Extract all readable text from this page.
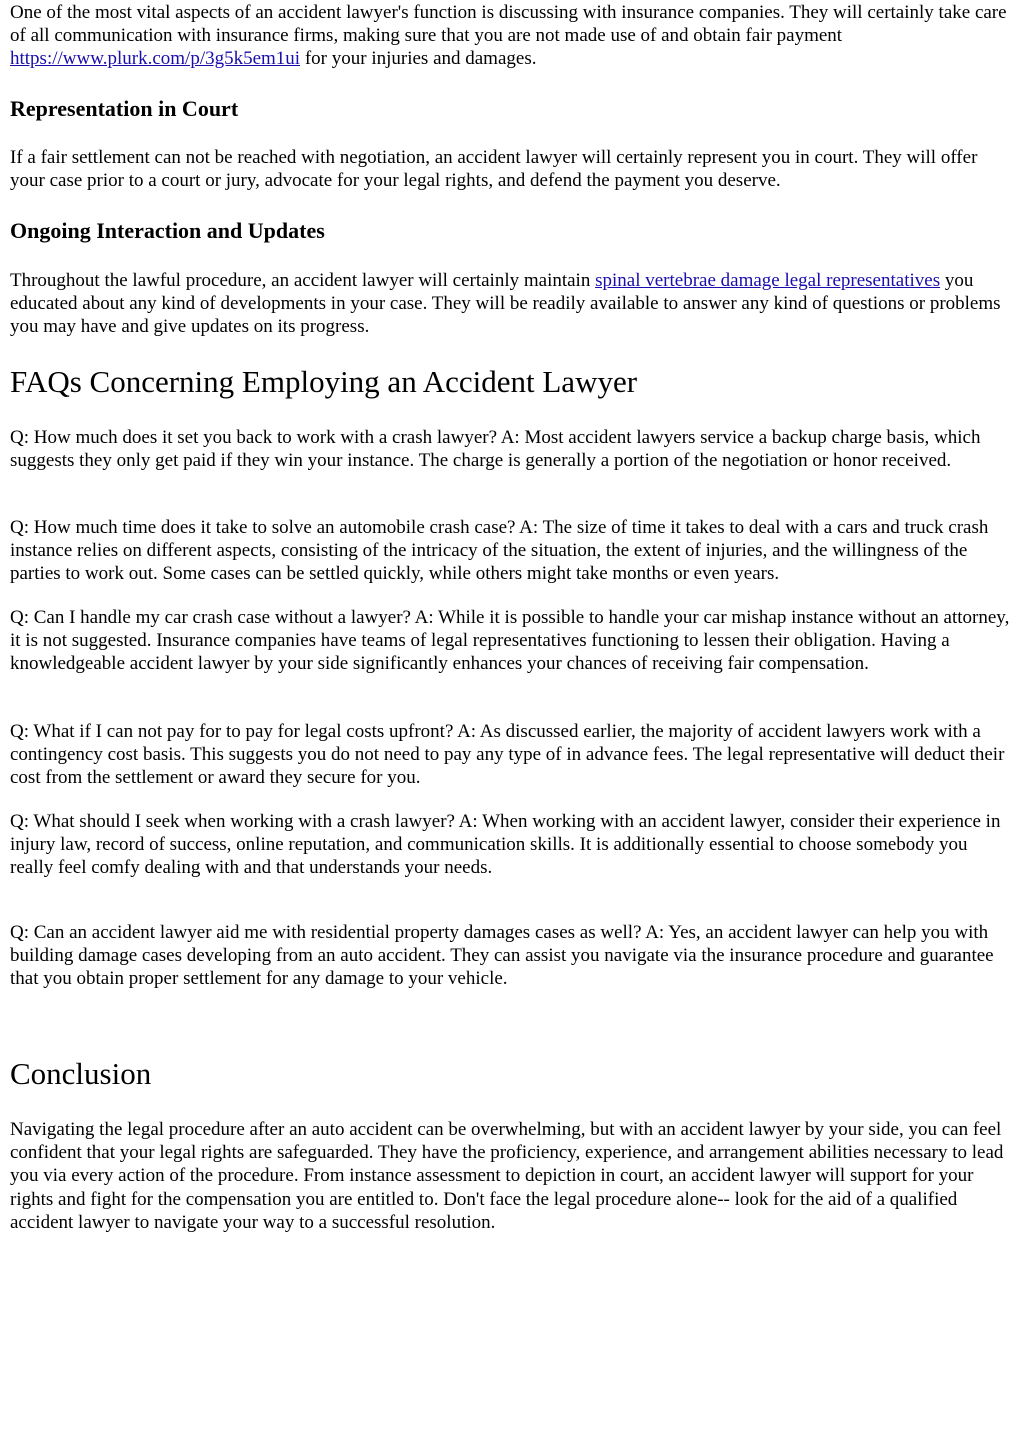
One of the most vital aspects of an accident lawyer's function is discussing with insurance companies. They will certainly take care of all communication with insurance firms, making sure that you are not made use of and obtain fair payment https://www.plurk.com/p/3g5k5em1ui for your injuries and damages.

Representation in Court

If a fair settlement can not be reached with negotiation, an accident lawyer will certainly represent you in court. They will offer your case prior to a court or jury, advocate for your legal rights, and defend the payment you deserve.

Ongoing Interaction and Updates

Throughout the lawful procedure, an accident lawyer will certainly maintain spinal vertebrae damage legal representatives you educated about any kind of developments in your case. They will be readily available to answer any kind of questions or problems you may have and give updates on its progress.

FAQs Concerning Employing an Accident Lawyer

Q: How much does it set you back to work with a crash lawyer? A: Most accident lawyers service a backup charge basis, which suggests they only get paid if they win your instance. The charge is generally a portion of the negotiation or honor received.

Q: How much time does it take to solve an automobile crash case? A: The size of time it takes to deal with a cars and truck crash instance relies on different aspects, consisting of the intricacy of the situation, the extent of injuries, and the willingness of the parties to work out. Some cases can be settled quickly, while others might take months or even years.

Q: Can I handle my car crash case without a lawyer? A: While it is possible to handle your car mishap instance without an attorney, it is not suggested. Insurance companies have teams of legal representatives functioning to lessen their obligation. Having a knowledgeable accident lawyer by your side significantly enhances your chances of receiving fair compensation.

Q: What if I can not pay for to pay for legal costs upfront? A: As discussed earlier, the majority of accident lawyers work with a contingency cost basis. This suggests you do not need to pay any type of in advance fees. The legal representative will deduct their cost from the settlement or award they secure for you.

Q: What should I seek when working with a crash lawyer? A: When working with an accident lawyer, consider their experience in injury law, record of success, online reputation, and communication skills. It is additionally essential to choose somebody you really feel comfy dealing with and that understands your needs.

Q: Can an accident lawyer aid me with residential property damages cases as well? A: Yes, an accident lawyer can help you with building damage cases developing from an auto accident. They can assist you navigate via the insurance procedure and guarantee that you obtain proper settlement for any damage to your vehicle.

Conclusion

Navigating the legal procedure after an auto accident can be overwhelming, but with an accident lawyer by your side, you can feel confident that your legal rights are safeguarded. They have the proficiency, experience, and arrangement abilities necessary to lead you via every action of the procedure. From instance assessment to depiction in court, an accident lawyer will support for your rights and fight for the compensation you are entitled to. Don't face the legal procedure alone-- look for the aid of a qualified accident lawyer to navigate your way to a successful resolution.
